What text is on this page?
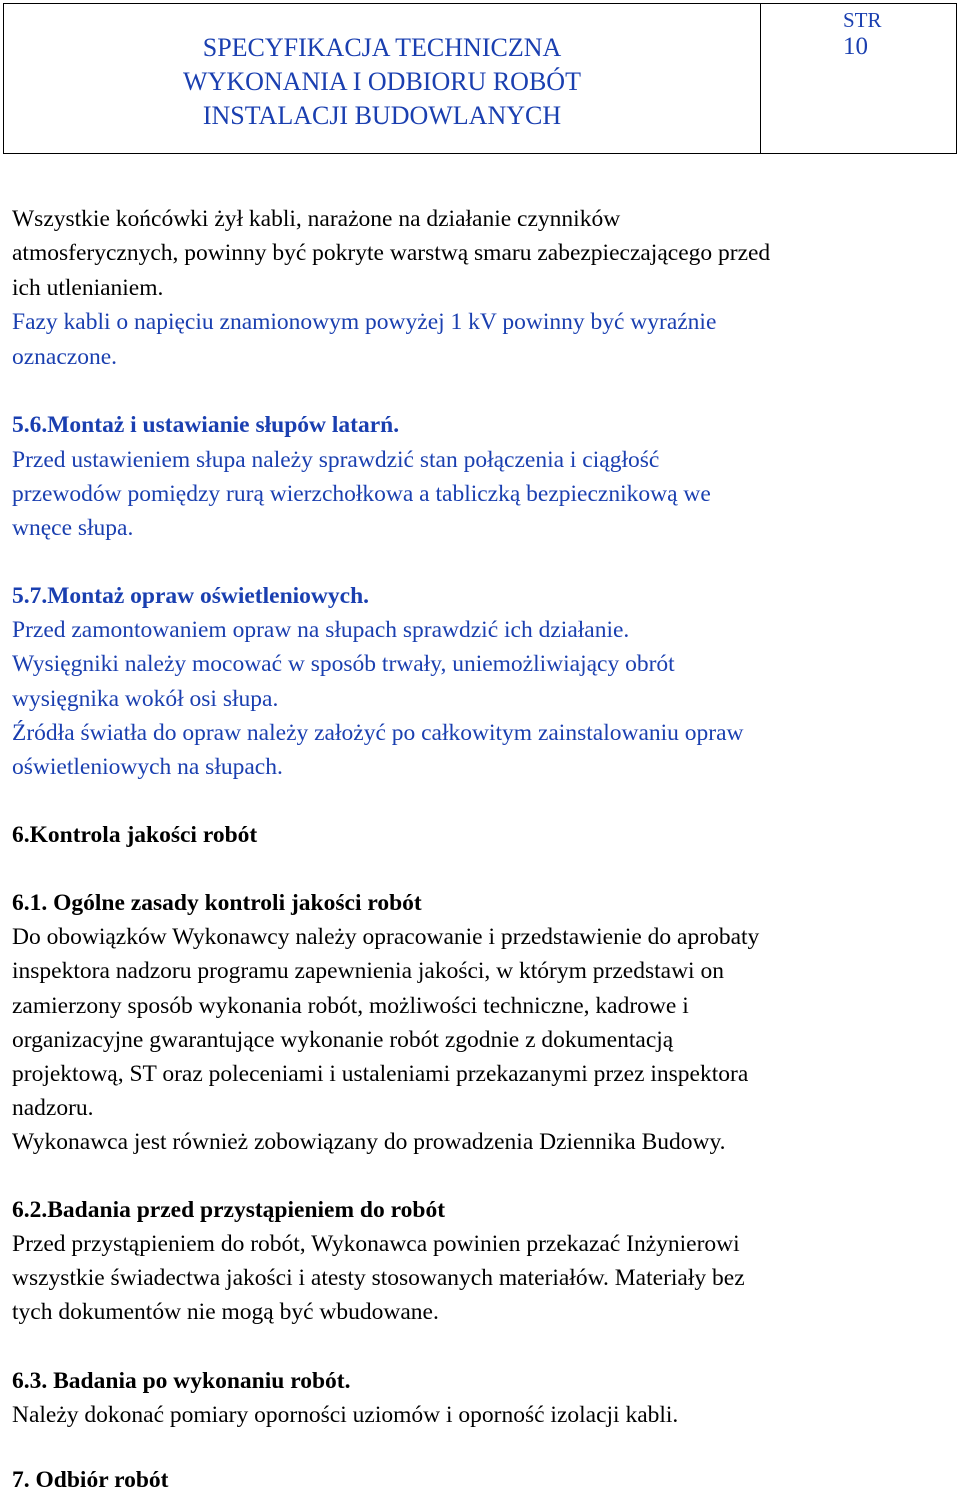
SPECYFIKACJA TECHNICZNA
WYKONANIA I ODBIORU ROBÓT
INSTALACJI BUDOWLANYCH
STR
10
Wszystkie końcówki żył kabli, narażone na działanie czynników
atmosferycznych, powinny być pokryte warstwą smaru zabezpieczającego przed
ich utlenianiem.
Fazy kabli o napięciu znamionowym powyżej 1 kV powinny być wyraźnie
oznaczone.
5.6.Montaż i ustawianie słupów latarń.
Przed ustawieniem słupa należy sprawdzić stan połączenia i ciągłość
przewodów pomiędzy rurą wierzchołkowa a tabliczką bezpiecznikową we
wnęce słupa.
5.7.Montaż opraw oświetleniowych.
Przed zamontowaniem opraw na słupach sprawdzić ich działanie.
Wysięgniki należy mocować w sposób trwały, uniemożliwiający obrót
wysięgnika wokół osi słupa.
Źródła światła do opraw należy założyć po całkowitym zainstalowaniu opraw
oświetleniowych na słupach.
6.Kontrola jakości robót
6.1. Ogólne zasady kontroli jakości robót
Do obowiązków Wykonawcy należy opracowanie i przedstawienie do aprobaty
inspektora nadzoru programu zapewnienia jakości, w którym przedstawi on
zamierzony sposób wykonania robót, możliwości techniczne, kadrowe i
organizacyjne gwarantujące wykonanie robót zgodnie z dokumentacją
projektową, ST oraz poleceniami i ustaleniami przekazanymi przez inspektora
nadzoru.
Wykonawca jest również zobowiązany do prowadzenia Dziennika Budowy.
6.2.Badania przed przystąpieniem do robót
Przed przystąpieniem do robót, Wykonawca powinien przekazać Inżynierowi
wszystkie świadectwa jakości i atesty stosowanych materiałów. Materiały bez
tych dokumentów nie mogą być wbudowane.
6.3. Badania po wykonaniu robót.
Należy dokonać pomiary oporności uziomów i oporność izolacji kabli.
7. Odbiór robót
